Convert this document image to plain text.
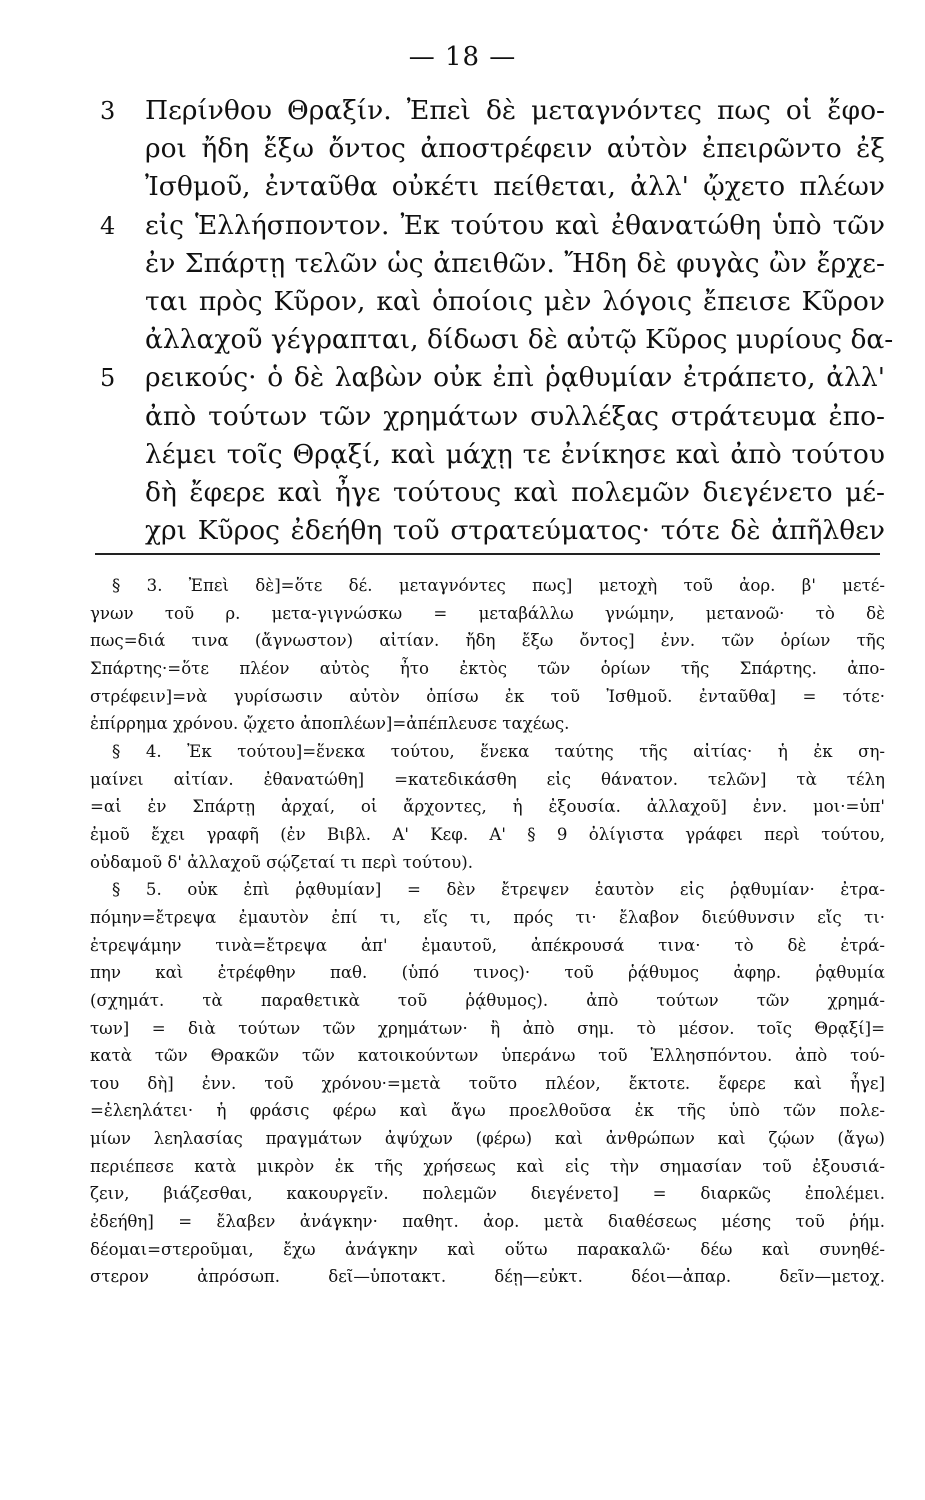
— 18 —
3 Περίνθου Θραξίν. Ἐπεὶ δὲ μεταγνόντες πως οἱ ἔφο-
ροι ἤδη ἔξω ὄντος ἀποστρέφειν αὐτὸν ἐπειρῶντο ἐξ
Ἰσθμοῦ, ἐνταῦθα οὐκέτι πείθεται, ἀλλ' ᾤχετο πλέων
4 εἰς Ἑλλήσποντον. Ἐκ τούτου καὶ ἐθανατώθη ὑπὸ τῶν
ἐν Σπάρτῃ τελῶν ὡς ἀπειθῶν. Ἤδη δὲ φυγὰς ὢν ἔρχε-
ται πρὸς Κῦρον, καὶ ὁποίοις μὲν λόγοις ἔπεισε Κῦρον
ἀλλαχοῦ γέγραπται, δίδωσι δὲ αὐτῷ Κῦρος μυρίους δα-
5 ρεικούς· ὁ δὲ λαβὼν οὐκ ἐπὶ ῥᾳθυμίαν ἐτράπετο, ἀλλ'
ἀπὸ τούτων τῶν χρημάτων συλλέξας στράτευμα ἐπο-
λέμει τοῖς Θρᾳξί, καὶ μάχῃ τε ἐνίκησε καὶ ἀπὸ τούτου
δὴ ἔφερε καὶ ἦγε τούτους καὶ πολεμῶν διεγένετο μέ-
χρι Κῦρος ἐδεήθη τοῦ στρατεύματος· τότε δὲ ἀπῆλθεν
§ 3. Ἐπεὶ δὲ]=ὅτε δέ. μεταγνόντες πως] μετοχὴ τοῦ ἀορ. β' μετέ-
γνων τοῦ ρ. μετα-γιγνώσκω = μεταβάλλω γνώμην, μετανοῶ· τὸ δὲ
πως=διά τινα (ἄγνωστον) αἰτίαν. ἤδη ἔξω ὄντος] ἐνν. τῶν ὁρίων τῆς
Σπάρτης·=ὅτε πλέον αὐτὸς ἦτο ἐκτὸς τῶν ὁρίων τῆς Σπάρτης. ἀπο-
στρέφειν]=νὰ γυρίσωσιν αὐτὸν ὀπίσω ἐκ τοῦ Ἰσθμοῦ. ἐνταῦθα] = τότε·
ἐπίρρημα χρόνου. ᾤχετο ἀποπλέων]=ἀπέπλευσε ταχέως.
§ 4. Ἐκ τούτου]=ἕνεκα τούτου, ἕνεκα ταύτης τῆς αἰτίας· ἡ ἐκ ση-
μαίνει αἰτίαν. ἐθανατώθη] =κατεδικάσθη εἰς θάνατον. τελῶν] τὰ τέλη
=αἱ ἐν Σπάρτῃ ἀρχαί, οἱ ἄρχοντες, ἡ ἐξουσία. ἀλλαχοῦ] ἐνν. μοι·=ὑπ'
ἐμοῦ ἔχει γραφῆ (ἐν Βιβλ. Α' Κεφ. Α' § 9 ὀλίγιστα γράφει περὶ τούτου,
οὐδαμοῦ δ' ἀλλαχοῦ σῴζεταί τι περὶ τούτου).
§ 5. οὐκ ἐπὶ ῥᾳθυμίαν] = δὲν ἔτρεψεν ἑαυτὸν εἰς ῥᾳθυμίαν· ἐτρα-
πόμην=ἔτρεψα ἐμαυτὸν ἐπί τι, εἴς τι, πρός τι· ἔλαβον διεύθυνσιν εἴς τι·
ἐτρεψάμην τινὰ=ἔτρεψα ἀπ' ἐμαυτοῦ, ἀπέκρουσά τινα· τὸ δὲ ἐτρά-
πην καὶ ἐτρέφθην παθ. (ὑπό τινος)· τοῦ ῥᾴθυμος ἀφηρ. ῥᾳθυμία
(σχημάτ. τὰ παραθετικὰ τοῦ ῥᾴθυμος). ἀπὸ τούτων τῶν χρημά-
των] = διὰ τούτων τῶν χρημάτων· ἢ ἀπὸ σημ. τὸ μέσον. τοῖς Θρᾳξί]=
κατὰ τῶν Θρακῶν τῶν κατοικούντων ὑπεράνω τοῦ Ἑλλησπόντου. ἀπὸ τού-
του δὴ] ἐνν. τοῦ χρόνου·=μετὰ τοῦτο πλέον, ἔκτοτε. ἔφερε καὶ ἦγε]
=ἐλεηλάτει· ἡ φράσις φέρω καὶ ἄγω προελθοῦσα ἐκ τῆς ὑπὸ τῶν πολε-
μίων λεηλασίας πραγμάτων ἀψύχων (φέρω) καὶ ἀνθρώπων καὶ ζῴων (ἄγω)
περιέπεσε κατὰ μικρὸν ἐκ τῆς χρήσεως καὶ εἰς τὴν σημασίαν τοῦ ἐξουσιά-
ζειν, βιάζεσθαι, κακουργεῖν. πολεμῶν διεγένετο] = διαρκῶς ἐπολέμει.
ἐδεήθη] = ἔλαβεν ἀνάγκην· παθητ. ἀορ. μετὰ διαθέσεως μέσης τοῦ ῥήμ.
δέομαι=στεροῦμαι, ἔχω ἀνάγκην καὶ οὕτω παρακαλῶ· δέω καὶ συνηθέ-
στερον ἀπρόσωπ. δεῖ—ὑποτακτ. δέῃ—εὐκτ. δέοι—ἀπαρ. δεῖν—μετοχ.
